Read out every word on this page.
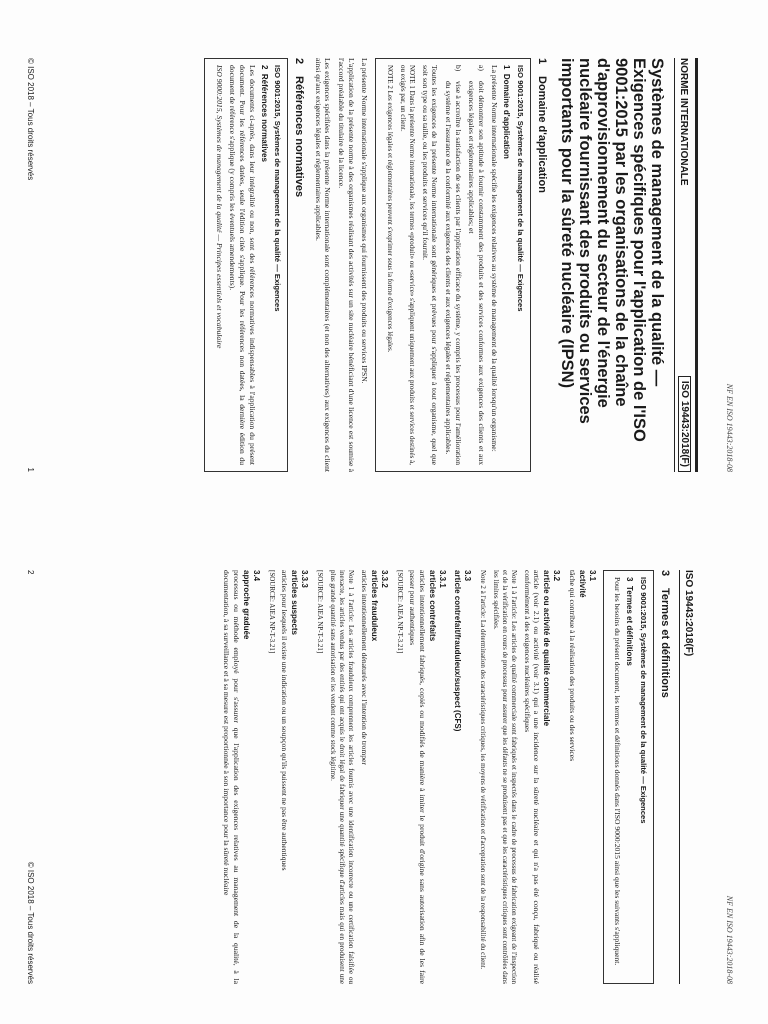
NF EN ISO 19443:2018-08
NORME INTERNATIONALE
ISO 19443:2018(F)
Systèmes de management de la qualité — Exigences spécifiques pour l'application de l'ISO 9001:2015 par les organisations de la chaîne d'approvisionnement du secteur de l'énergie nucléaire fournissant des produits ou services importants pour la sûreté nucléaire (IPSN)
1Domaine d'application
ISO 9001:2015, Systèmes de management de la qualité — Exigences
1  Domaine d'application

La présente Norme internationale spécifie les exigences relatives au système de management de la qualité lorsqu'un organisme:

a)
doit démontrer son aptitude à fournir constamment des produits et des services conformes aux exigences des clients et aux exigences légales et réglementaires applicables; et
b)
vise à accroître la satisfaction de ses clients par l'application efficace du système, y compris les processus pour l'amélioration du système et l'assurance de la conformité aux exigences des clients et aux exigences légales et réglementaires applicables.

Toutes les exigences de la présente Norme internationale sont génériques et prévues pour s'appliquer à tout organisme, quel que soit son type ou sa taille, ou les produits et services qu'il fournit.

NOTE 1 Dans la présente Norme internationale, les termes «produit» ou «service» s'appliquent uniquement aux produits et services destinés à, ou exigés par, un client.

NOTE 2 Les exigences légales et réglementaires peuvent s'exprimer sous la forme d'exigences légales.

La présente Norme internationale s'applique aux organismes qui fournissent des produits ou services IPSN.

L'application de la présente norme à des organismes réalisant des activités sur un site nucléaire bénéficiant d'une licence est soumise à l'accord préalable du titulaire de la licence.

Les exigences spécifiées dans la présente Norme internationale sont complémentaires (et non des alternatives) aux exigences du client ainsi qu'aux exigences légales et réglementaires applicables.

2Références normatives
ISO 9001:2015, Systèmes de management de la qualité — Exigences
2  Références normatives

Les documents ci-après, dans leur intégralité ou non, sont des références normatives indispensables à l'application du présent document. Pour les références datées, seule l'édition citée s'applique. Pour les références non datées, la dernière édition du document de référence s'applique (y compris les éventuels amendements).

ISO 9000:2015, Systèmes de management de la qualité — Principes essentiels et vocabulaire

© ISO 2018 – Tous droits réservés
1
NF EN ISO 19443:2018-08
ISO 19443:2018(F)
3Termes et définitions
ISO 9001:2015, Systèmes de management de la qualité — Exigences
3  Termes et définitions

Pour les besoins du présent document, les termes et définitions donnés dans l'ISO 9000:2015 ainsi que les suivants s'appliquent.

3.1
activité

tâche qui contribue à la réalisation des produits ou des services

3.2
article ou activité de qualité commerciale

article (voir 2.1) ou activité (voir 3.1) qui a une incidence sur la sûreté nucléaire et qui n'a pas été conçu, fabriqué ou réalisé conformément à des exigences nucléaires spécifiques

Note 1 à l'article: Les articles de qualité commerciale sont fabriqués et inspectés dans le cadre de processus de fabrication exigeant de l'inspection et de la vérification en cours de processus pour assurer que les défauts ne se produisent pas et que les caractéristiques critiques sont contrôlées dans les limites spécifiées.

Note 2 à l'article: La détermination des caractéristiques critiques, les moyens de vérification et d'acceptation sont de la responsabilité du client.

3.3
article contrefait/frauduleux/suspect (CFS)
3.3.1
articles contrefaits

articles intentionnellement fabriqués, copiés ou modifiés de manière à imiter le produit d'origine sans autorisation afin de les faire passer pour authentiques

[SOURCE: AIEA NP-T-3.21]

3.3.2
articles frauduleux

articles intentionnellement dénaturés avec l'intention de tromper

Note 1 à l'article: Les articles frauduleux comprennent les articles fournis avec une identification incorrecte ou une certification falsifiée ou inexacte, les articles vendus par des entités qui ont acquis le droit légal de fabriquer une quantité spécifique d'articles mais qui en produisent une plus grande quantité sans autorisation et les vendent comme stock légitime.

[SOURCE: AIEA NP-T-3.21]

3.3.3
articles suspects

articles pour lesquels il existe une indication ou un soupçon qu'ils puissent ne pas être authentiques

[SOURCE: AIEA NP-T-3.21]

3.4
approche graduée

processus ou méthode employé pour s'assurer que l'application des exigences relatives au management de la qualité, à la documentation, à sa surveillance et à sa mesure est proportionnée à son importance pour la sûreté nucléaire

2
© ISO 2018 – Tous droits réservés
